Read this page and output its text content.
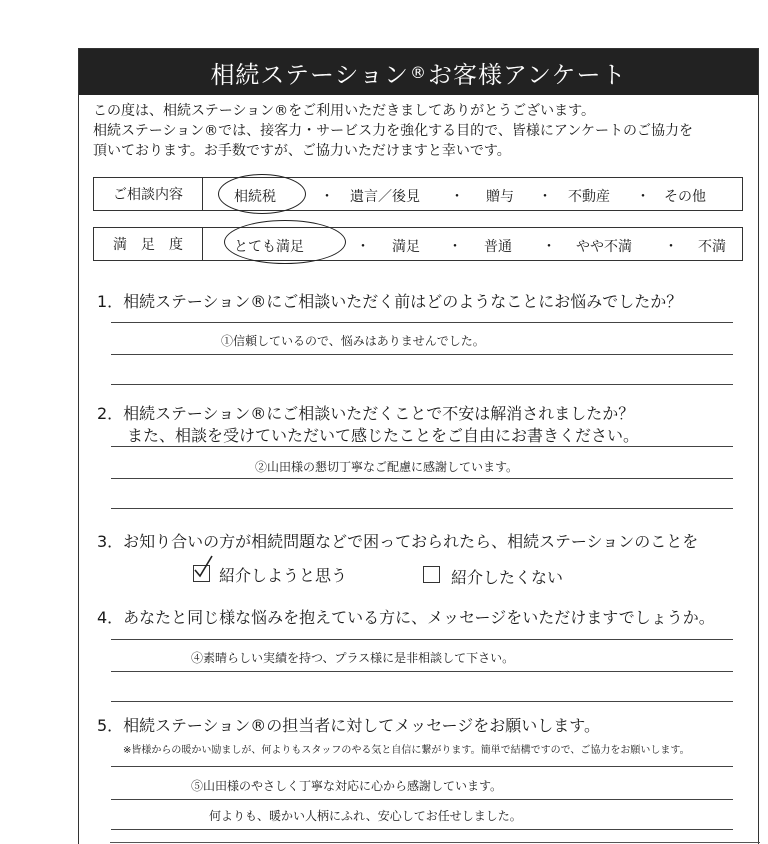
相続ステーション ® お客様アンケート
この度は、相続ステーション®をご利用いただきましてありがとうございます。
相続ステーション®では、接客力・サービス力を強化する目的で、皆様にアンケートのご協力を
頂いております。お手数ですが、ご協力いただけますと幸いです。
ご相談内容	相続税	・ 遺言／後見 ・ 贈与 ・ 不動産 ・ その他
満　足　度	とても満足	・ 満足 ・ 普通 ・ やや不満 ・ 不満
1．相続ステーション®にご相談いただく前はどのようなことにお悩みでしたか？
①信頼しているので、悩みはありませんでした。
2．相続ステーション®にご相談いただくことで不安は解消されましたか？
また、相談を受けていただいて感じたことをご自由にお書きください。
②山田様の懇切丁寧なご配慮に感謝しています。
3．お知り合いの方が相続問題などで困っておられたら、相続ステーションのことを
紹介しようと思う	紹介したくない
4．あなたと同じ様な悩みを抱えている方に、メッセージをいただけますでしょうか。
④素晴らしい実績を持つ、プラス様に是非相談して下さい。
5．相続ステーション®の担当者に対してメッセージをお願いします。
※皆様からの暖かい励ましが、何よりもスタッフのやる気と自信に繋がります。簡単で結構ですので、ご協力をお願いします。
⑤山田様のやさしく丁寧な対応に心から感謝しています。
何よりも、暖かい人柄にふれ、安心してお任せしました。
